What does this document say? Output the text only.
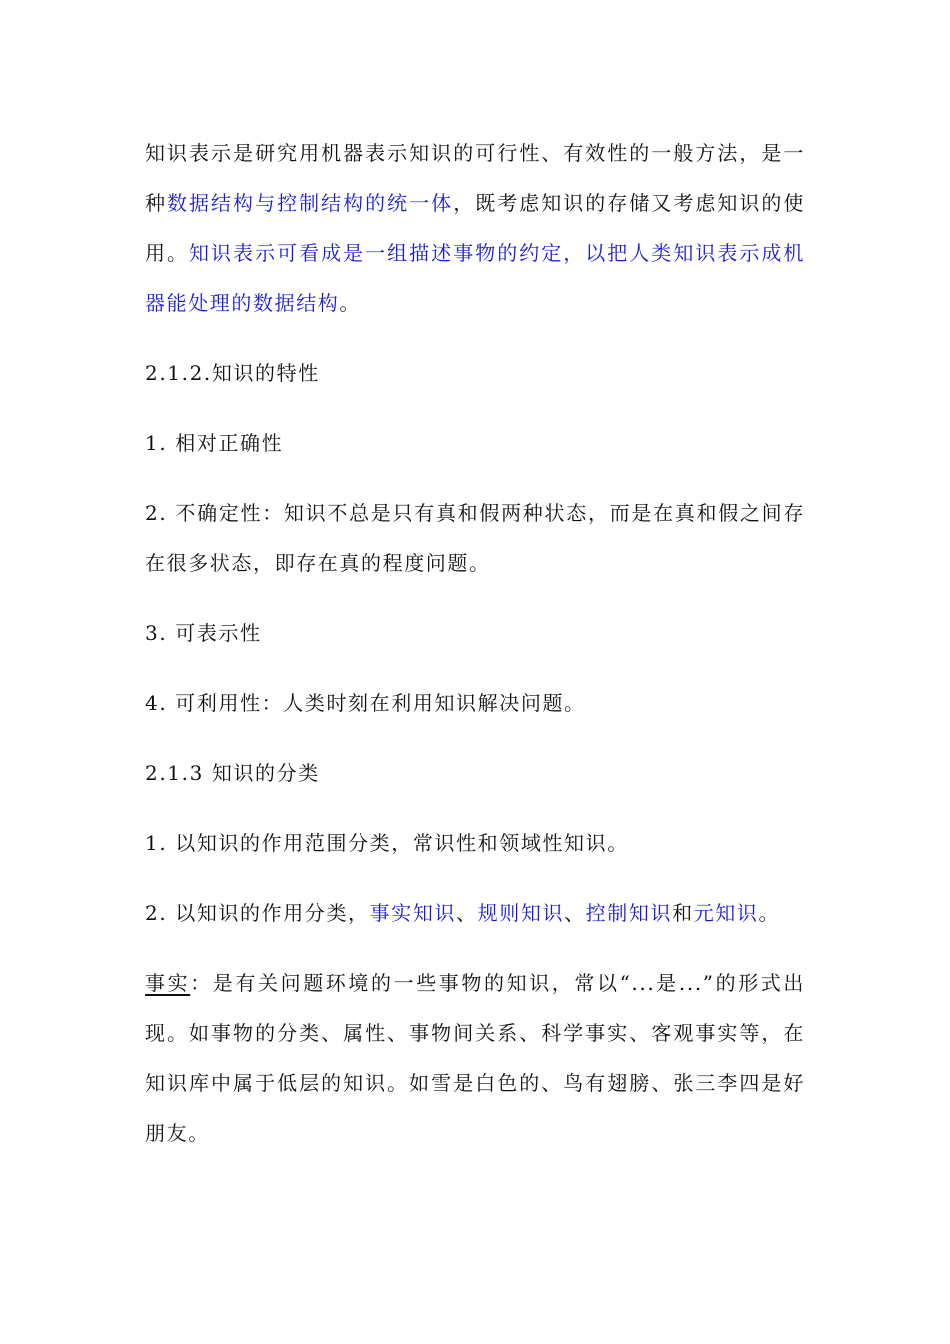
知识表示是研究用机器表示知识的可行性、有效性的一般方法，是一种数据结构与控制结构的统一体，既考虑知识的存储又考虑知识的使用。知识表示可看成是一组描述事物的约定，以把人类知识表示成机器能处理的数据结构。

2.1.2.知识的特性

1. 相对正确性

2. 不确定性：知识不总是只有真和假两种状态，而是在真和假之间存在很多状态，即存在真的程度问题。

3. 可表示性

4. 可利用性：人类时刻在利用知识解决问题。

2.1.3 知识的分类

1. 以知识的作用范围分类，常识性和领域性知识。

2. 以知识的作用分类，事实知识、规则知识、控制知识和元知识。

事实：是有关问题环境的一些事物的知识，常以“...是...”的形式出现。如事物的分类、属性、事物间关系、科学事实、客观事实等，在知识库中属于低层的知识。如雪是白色的、鸟有翅膀、张三李四是好朋友。
